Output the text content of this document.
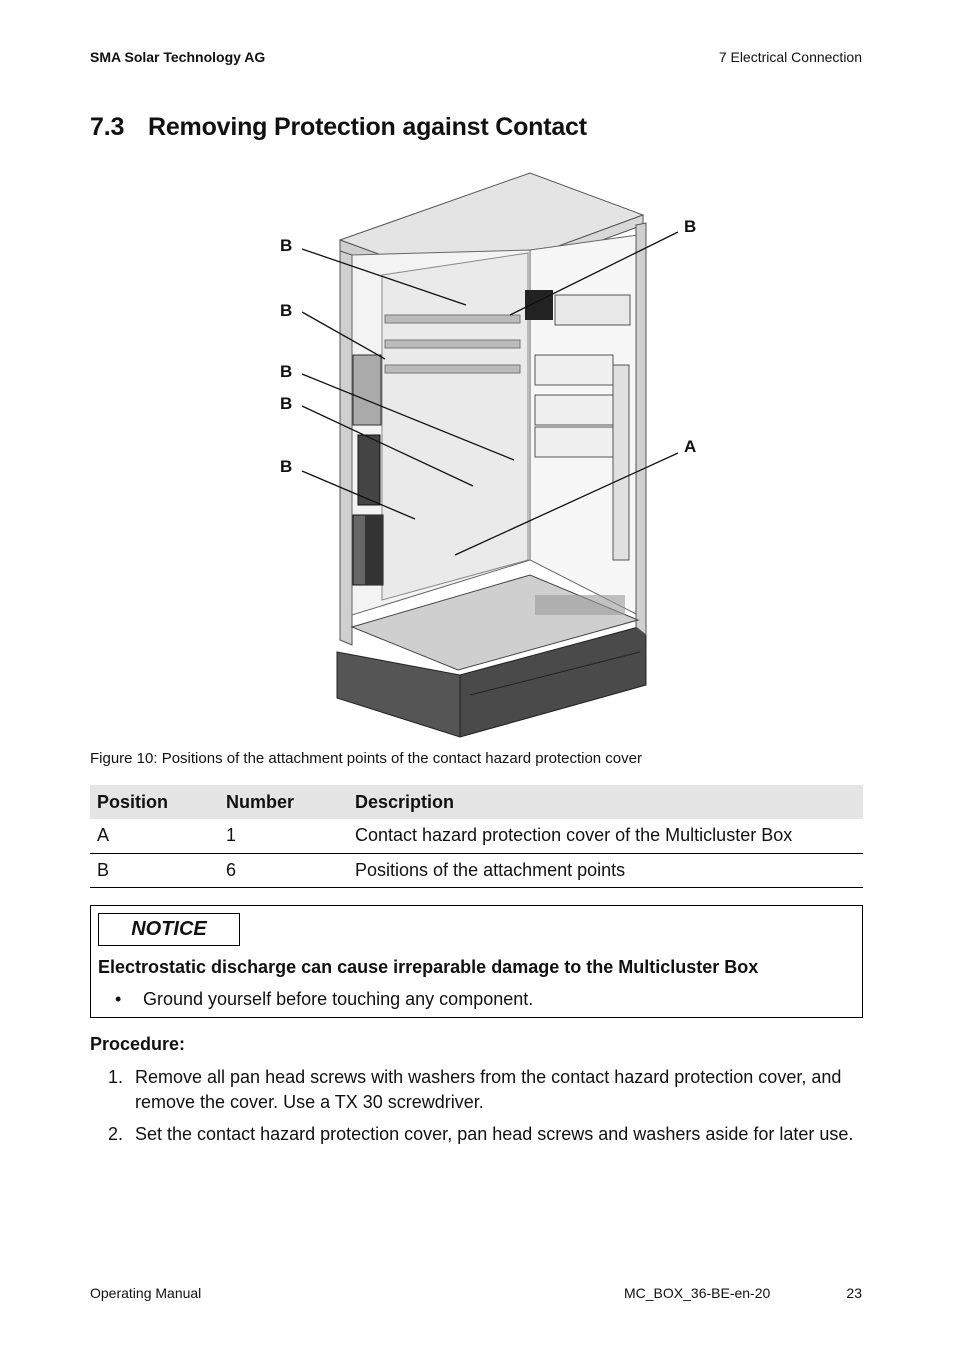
SMA Solar Technology AG	7 Electrical Connection
7.3 Removing Protection against Contact
B
B
B
B
B
B
A
Figure 10: Positions of the attachment points of the contact hazard protection cover
Position	Number	Description
A	1	Contact hazard protection cover of the Multicluster Box
B	6	Positions of the attachment points
NOTICE
Electrostatic discharge can cause irreparable damage to the Multicluster Box
• Ground yourself before touching any component.
Procedure:
1. Remove all pan head screws with washers from the contact hazard protection cover, and remove the cover. Use a TX 30 screwdriver.
2. Set the contact hazard protection cover, pan head screws and washers aside for later use.
Operating Manual	MC_BOX_36-BE-en-20	23
